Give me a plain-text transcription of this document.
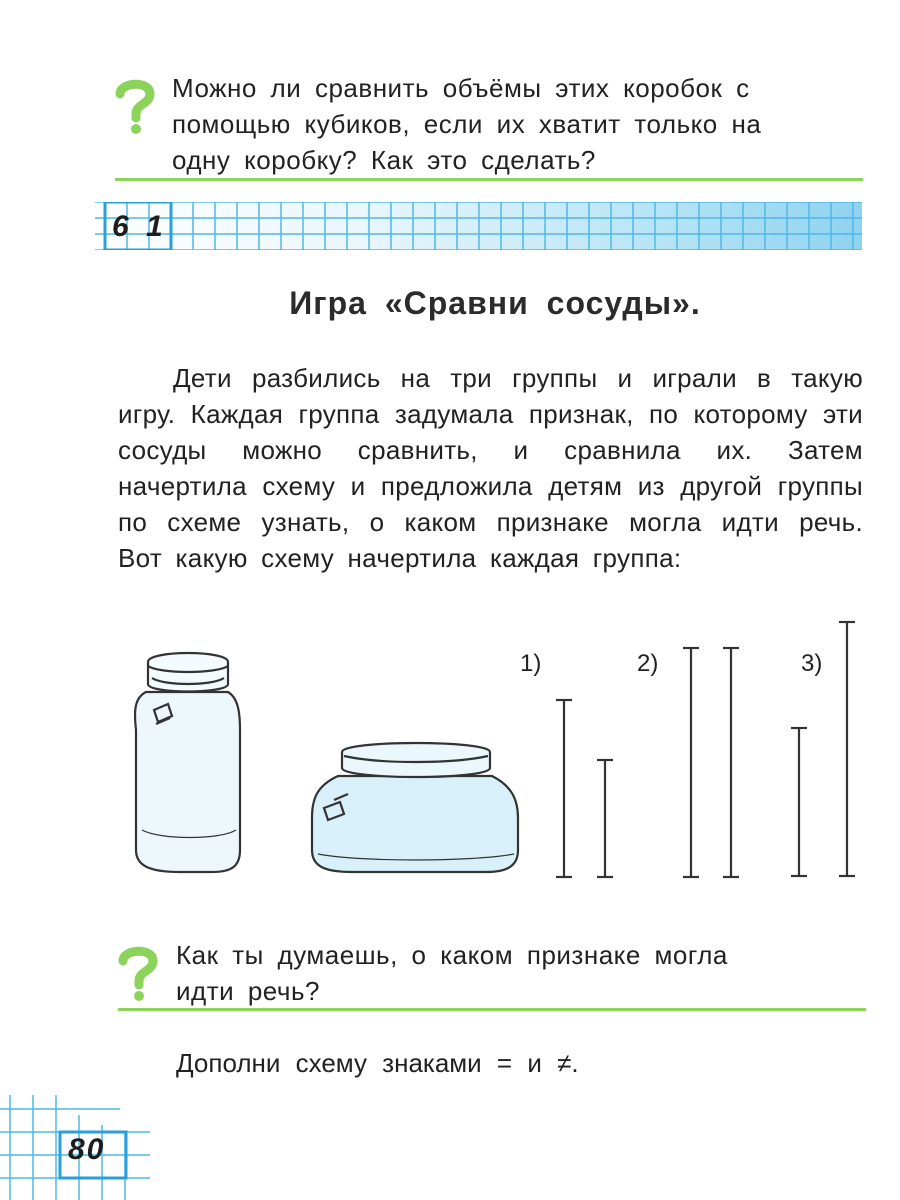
Можно ли сравнить объёмы этих коробок с
помощью кубиков, если их хватит только на
одну коробку? Как это сделать?
6 1
Игра «Сравни сосуды».
Дети разбились на три группы и играли в такую игру. Каждая группа задумала признак, по которому эти сосуды можно сравнить, и сравнила их. Затем начертила схему и предложила детям из другой группы по схеме узнать, о каком признаке могла идти речь. Вот какую схему начертила каждая группа:
1)	2)	3)
Как ты думаешь, о каком признаке могла
идти речь?
Дополни схему знаками = и ≠.
80
